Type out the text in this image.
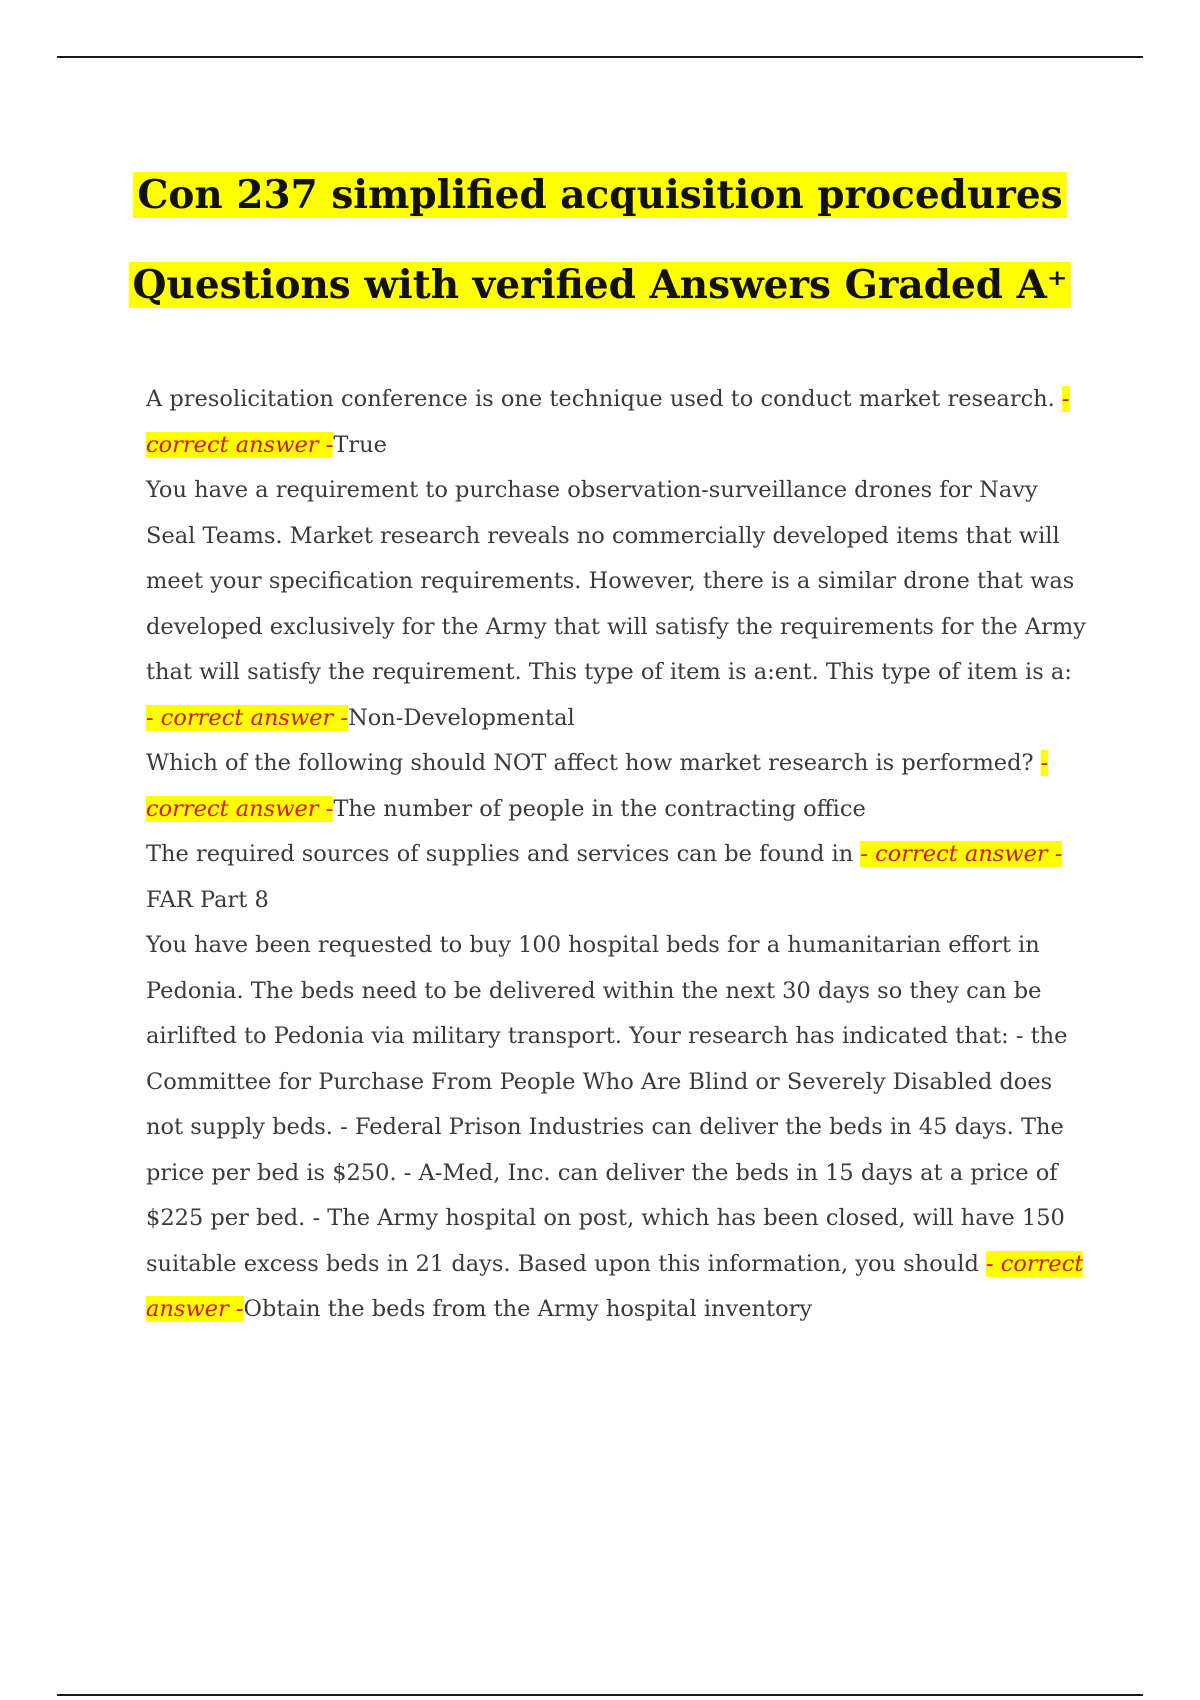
Con 237 simplified acquisition procedures
Questions with verified Answers Graded A⁺

A presolicitation conference is one technique used to conduct market research. - correct answer -True

You have a requirement to purchase observation-surveillance drones for Navy Seal Teams. Market research reveals no commercially developed items that will meet your specification requirements. However, there is a similar drone that was developed exclusively for the Army that will satisfy the requirements for the Army that will satisfy the requirement. This type of item is a:ent. This type of item is a: - correct answer -Non-Developmental

Which of the following should NOT affect how market research is performed? - correct answer -The number of people in the contracting office

The required sources of supplies and services can be found in - correct answer -FAR Part 8

You have been requested to buy 100 hospital beds for a humanitarian effort in Pedonia. The beds need to be delivered within the next 30 days so they can be airlifted to Pedonia via military transport. Your research has indicated that: - the Committee for Purchase From People Who Are Blind or Severely Disabled does not supply beds. - Federal Prison Industries can deliver the beds in 45 days. The price per bed is $250. - A-Med, Inc. can deliver the beds in 15 days at a price of $225 per bed. - The Army hospital on post, which has been closed, will have 150 suitable excess beds in 21 days. Based upon this information, you should - correct answer -Obtain the beds from the Army hospital inventory
